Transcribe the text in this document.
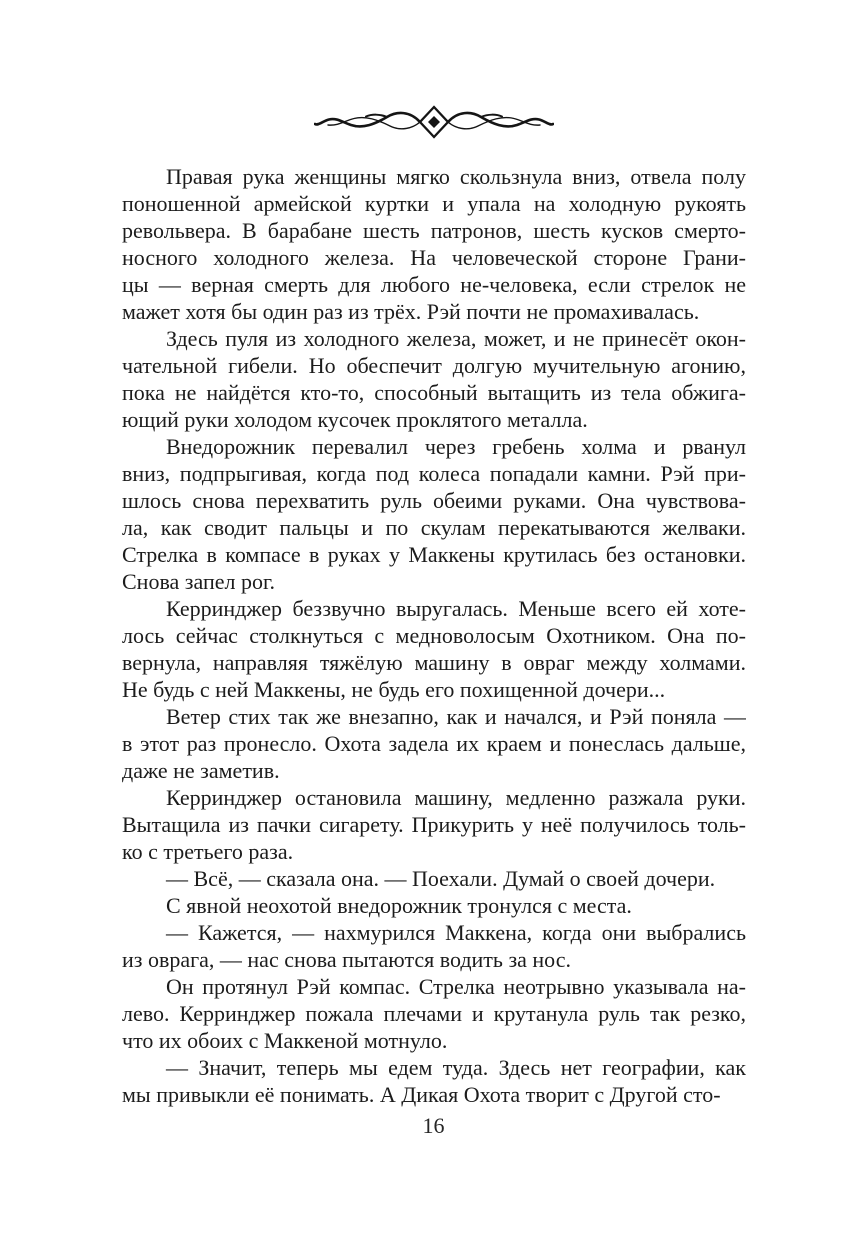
Правая рука женщины мягко скользнула вниз, отвела полу
поношенной армейской куртки и упала на холодную рукоять
револьвера. В барабане шесть патронов, шесть кусков смерто-
носного холодного железа. На человеческой стороне Грани-
цы — верная смерть для любого не-человека, если стрелок не
мажет хотя бы один раз из трёх. Рэй почти не промахивалась.
Здесь пуля из холодного железа, может, и не принесёт окон-
чательной гибели. Но обеспечит долгую мучительную агонию,
пока не найдётся кто-то, способный вытащить из тела обжига-
ющий руки холодом кусочек проклятого металла.
Внедорожник перевалил через гребень холма и рванул
вниз, подпрыгивая, когда под колеса попадали камни. Рэй при-
шлось снова перехватить руль обеими руками. Она чувствова-
ла, как сводит пальцы и по скулам перекатываются желваки.
Стрелка в компасе в руках у Маккены крутилась без остановки.
Снова запел рог.
Керринджер беззвучно выругалась. Меньше всего ей хоте-
лось сейчас столкнуться с медноволосым Охотником. Она по-
вернула, направляя тяжёлую машину в овраг между холмами.
Не будь с ней Маккены, не будь его похищенной дочери...
Ветер стих так же внезапно, как и начался, и Рэй поняла —
в этот раз пронесло. Охота задела их краем и понеслась дальше,
даже не заметив.
Керринджер остановила машину, медленно разжала руки.
Вытащила из пачки сигарету. Прикурить у неё получилось толь-
ко с третьего раза.
— Всё, — сказала она. — Поехали. Думай о своей дочери.
С явной неохотой внедорожник тронулся с места.
— Кажется, — нахмурился Маккена, когда они выбрались
из оврага, — нас снова пытаются водить за нос.
Он протянул Рэй компас. Стрелка неотрывно указывала на-
лево. Керринджер пожала плечами и крутанула руль так резко,
что их обоих с Маккеной мотнуло.
— Значит, теперь мы едем туда. Здесь нет географии, как
мы привыкли её понимать. А Дикая Охота творит с Другой сто-
16
